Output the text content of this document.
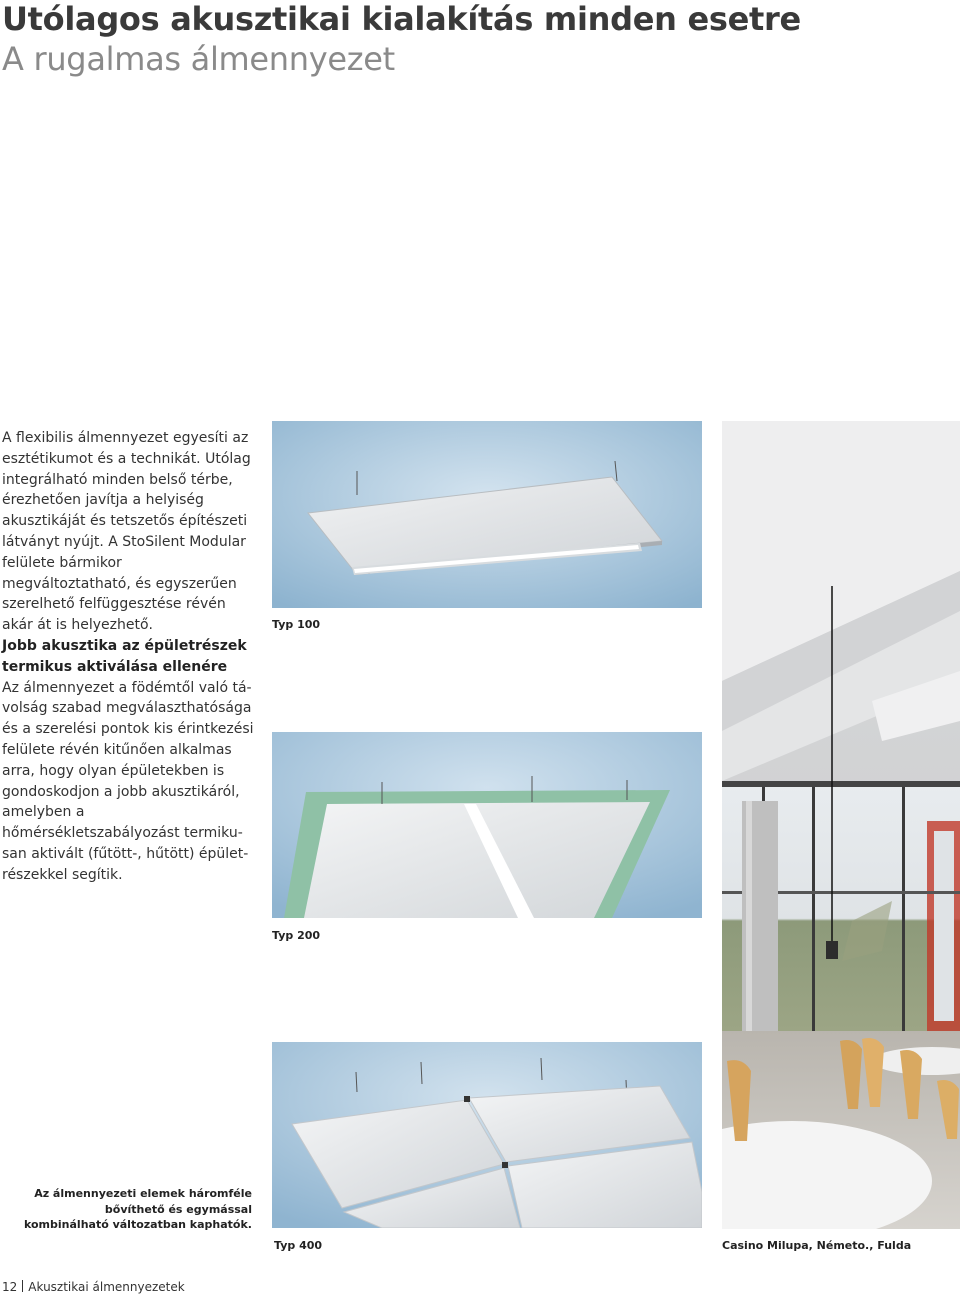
Utólagos akusztikai kialakítás minden esetre
A rugalmas álmennyezet

A flexibilis álmennyezet egyesíti az esztétikumot és a technikát. Utólag integrálható minden belső térbe, érezhetően javítja a helyiség akusztikáját és tetszetős építészeti látványt nyújt. A StoSilent Modular felülete bármikor megváltoztatható, és egyszerűen szerelhető felfüggesztése révén akár át is helyezhető.

Jobb akusztika az épületrészek termikus aktiválása ellenére
Az álmennyezet a födémtől való távolság szabad megválaszthatósága és a szerelési pontok kis érintkezési felülete révén kitűnően alkalmas arra, hogy olyan épületekben is gondoskodjon a jobb akusztikáról, amelyben a hőmérsékletszabályozást termikusan aktivált (fűtött-, hűtött) épületrészekkel segítik.

Az álmennyezeti elemek háromféle bővíthető és egymással kombinálható változatban kaphatók.

Typ 100
Typ 200
Typ 400	Casino Milupa, Németo., Fulda
12 Akusztikai álmennyezetek
